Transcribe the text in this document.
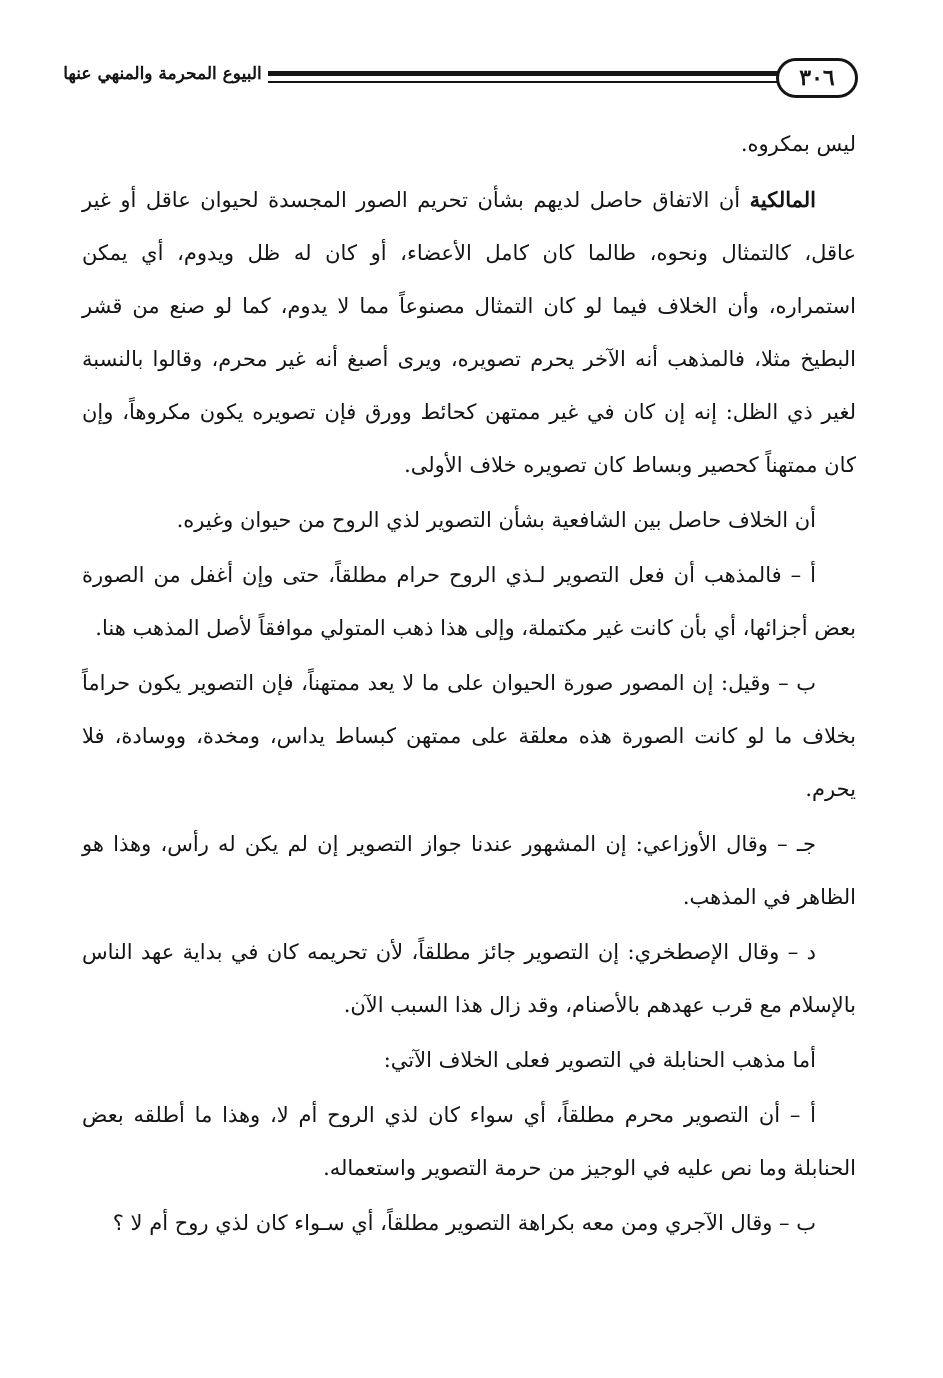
البيوع المحرمة والمنهي عنها	٣٠٦

ليس بمكروه.

المالكية أن الاتفاق حاصل لديهم بشأن تحريم الصور المجسدة لحيوان عاقل أو غير عاقل، كالتمثال ونحوه، طالما كان كامل الأعضاء، أو كان له ظل ويدوم، أي يمكن استمراره، وأن الخلاف فيما لو كان التمثال مصنوعاً مما لا يدوم، كما لو صنع من قشر البطيخ مثلا، فالمذهب أنه الآخر يحرم تصويره، ويرى أصبغ أنه غير محرم، وقالوا بالنسبة لغير ذي الظل: إنه إن كان في غير ممتهن كحائط وورق فإن تصويره يكون مكروهاً، وإن كان ممتهناً كحصير وبساط كان تصويره خلاف الأولى.

أن الخلاف حاصل بين الشافعية بشأن التصوير لذي الروح من حيوان وغيره.

أ – فالمذهب أن فعل التصوير لـذي الروح حرام مطلقاً، حتى وإن أغفل من الصورة بعض أجزائها، أي بأن كانت غير مكتملة، وإلى هذا ذهب المتولي موافقاً لأصل المذهب هنا.

ب – وقيل: إن المصور صورة الحيوان على ما لا يعد ممتهناً، فإن التصوير يكون حراماً بخلاف ما لو كانت الصورة هذه معلقة على ممتهن كبساط يداس، ومخدة، ووسادة، فلا يحرم.

جـ – وقال الأوزاعي: إن المشهور عندنا جواز التصوير إن لم يكن له رأس، وهذا هو الظاهر في المذهب.

د – وقال الإصطخري: إن التصوير جائز مطلقاً، لأن تحريمه كان في بداية عهد الناس بالإسلام مع قرب عهدهم بالأصنام، وقد زال هذا السبب الآن.

أما مذهب الحنابلة في التصوير فعلى الخلاف الآتي:

أ – أن التصوير محرم مطلقاً، أي سواء كان لذي الروح أم لا، وهذا ما أطلقه بعض الحنابلة وما نص عليه في الوجيز من حرمة التصوير واستعماله.

ب – وقال الآجري ومن معه بكراهة التصوير مطلقاً، أي سـواء كان لذي روح أم لا ؟
